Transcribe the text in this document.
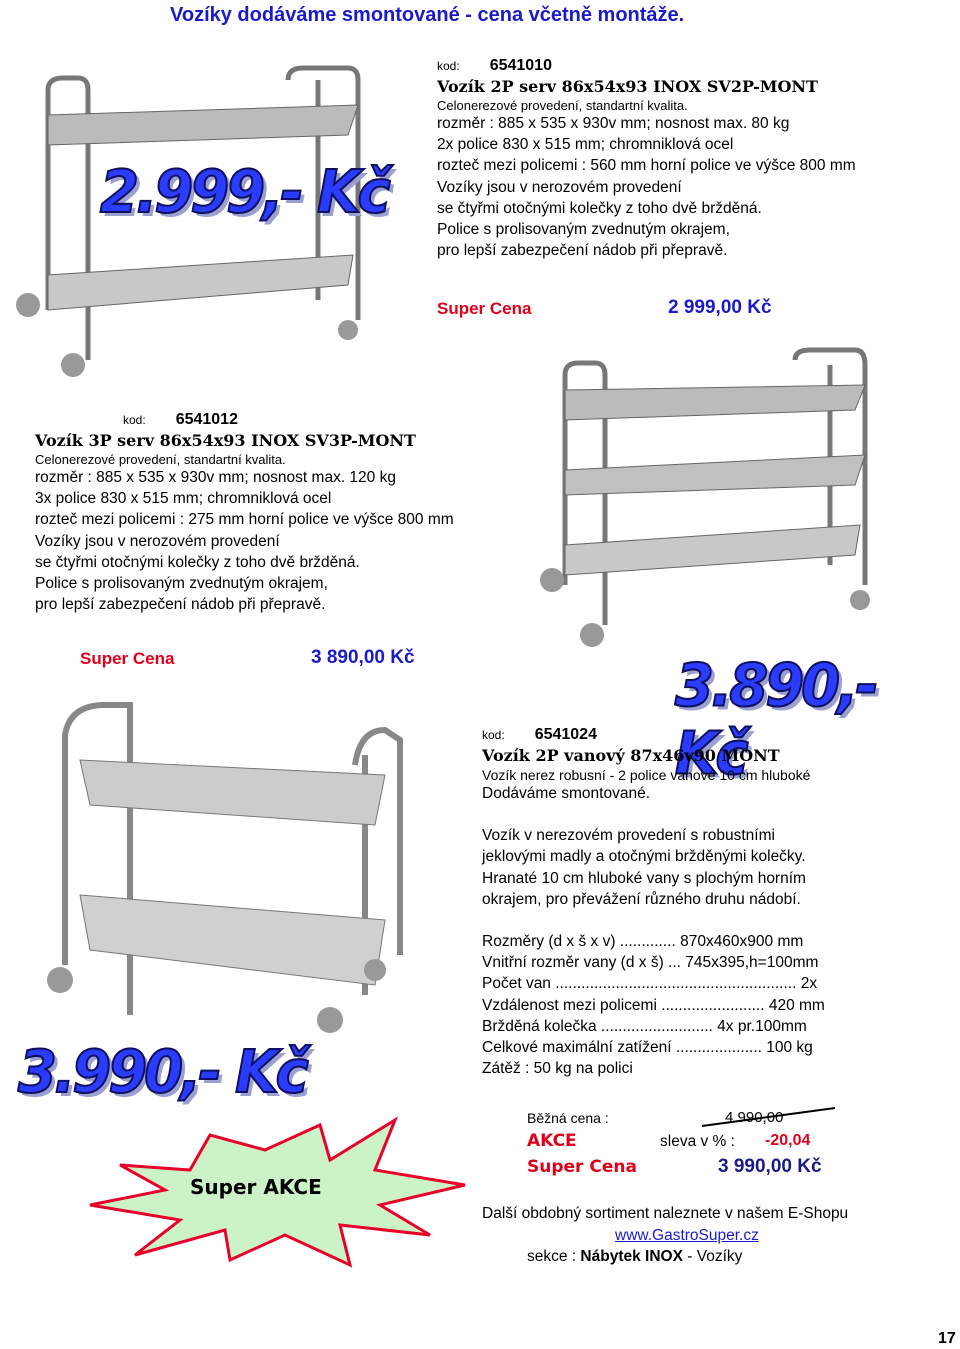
Vozíky dodáváme smontované - cena včetně montáže.
2.999,- Kč
kod: 6541010
Vozík 2P serv 86x54x93 INOX SV2P-MONT
Celonerezové provedení, standartní kvalita.
rozměr : 885 x 535 x 930v mm; nosnost max. 80 kg
2x police 830 x 515 mm; chromniklová ocel
rozteč mezi policemi : 560 mm horní police ve výšce 800 mm
Vozíky jsou v nerozovém provedení
se čtyřmi otočnými kolečky z toho dvě bržděná.
Police s prolisovaným zvednutým okrajem,
pro lepší zabezpečení nádob při přepravě.
Super Cena	2 999,00 Kč
kod: 6541012
Vozík 3P serv 86x54x93 INOX SV3P-MONT
Celonerezové provedení, standartní kvalita.
rozměr : 885 x 535 x 930v mm; nosnost max. 120 kg
3x police 830 x 515 mm; chromniklová ocel
rozteč mezi policemi : 275 mm horní police ve výšce 800 mm
Vozíky jsou v nerozovém provedení
se čtyřmi otočnými kolečky z toho dvě bržděná.
Police s prolisovaným zvednutým okrajem,
pro lepší zabezpečení nádob při přepravě.
Super Cena	3 890,00 Kč	3.890,- Kč
kod: 6541024
Vozík 2P vanový 87x46v90 MONT
Vozík nerez robusní - 2 police vanové 10 cm hluboké
Dodáváme smontované.
Vozík v nerezovém provedení s robustními
jeklovými madly a otočnými bržděnými kolečky.
Hranaté 10 cm hluboké vany s plochým horním
okrajem, pro převážení různého druhu nádobí.
Rozměry (d x š x v) ............. 870x460x900 mm
Vnitřní rozměr vany (d x š) ... 745x395,h=100mm
Počet van ........................................................ 2x
Vzdálenost mezi policemi ........................ 420 mm
Bržděná kolečka .......................... 4x pr.100mm
Celkové maximální zatížení .................... 100 kg
Zátěž : 50 kg na polici
Běžná cena :	4 990,00
AKCE	sleva v % : -20,04
Super Cena	3 990,00 Kč
3.990,- Kč
Super AKCE
Další obdobný sortiment naleznete v našem E-Shopu
www.GastroSuper.cz
sekce : Nábytek INOX - Vozíky
17
